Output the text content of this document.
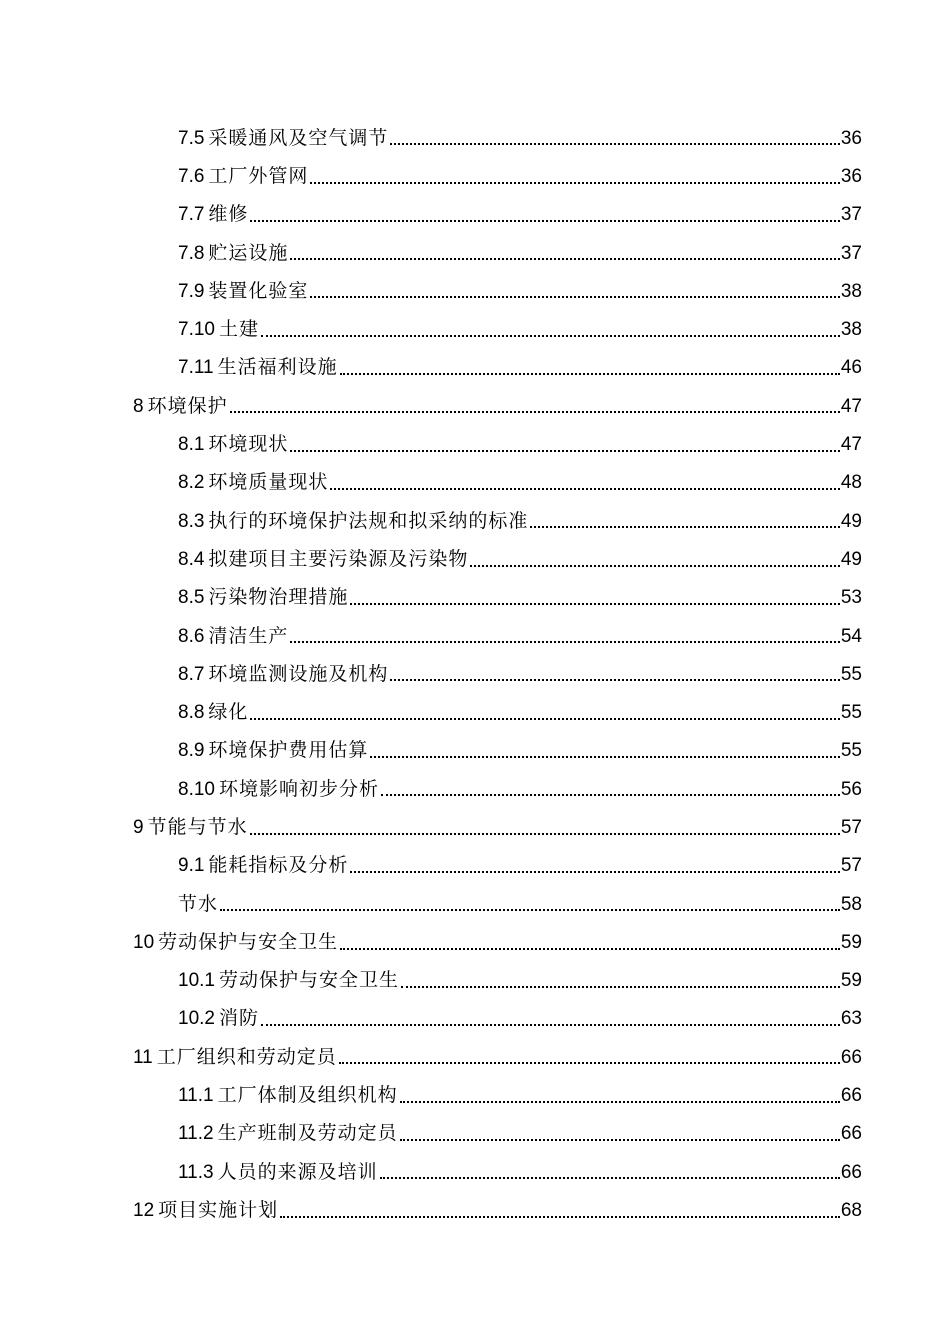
7.5 采暖通风及空气调节	36
7.6 工厂外管网	36
7.7 维修	37
7.8 贮运设施	37
7.9 装置化验室	38
7.10 土建	38
7.11 生活福利设施	46
8 环境保护	47
8.1 环境现状	47
8.2 环境质量现状	48
8.3 执行的环境保护法规和拟采纳的标准	49
8.4 拟建项目主要污染源及污染物	49
8.5 污染物治理措施	53
8.6 清洁生产	54
8.7 环境监测设施及机构	55
8.8 绿化	55
8.9 环境保护费用估算	55
8.10 环境影响初步分析	56
9 节能与节水	57
9.1 能耗指标及分析	57
节水	58
10 劳动保护与安全卫生	59
10.1 劳动保护与安全卫生	59
10.2 消防	63
11 工厂组织和劳动定员	66
11.1 工厂体制及组织机构	66
11.2 生产班制及劳动定员	66
11.3 人员的来源及培训	66
12 项目实施计划	68
